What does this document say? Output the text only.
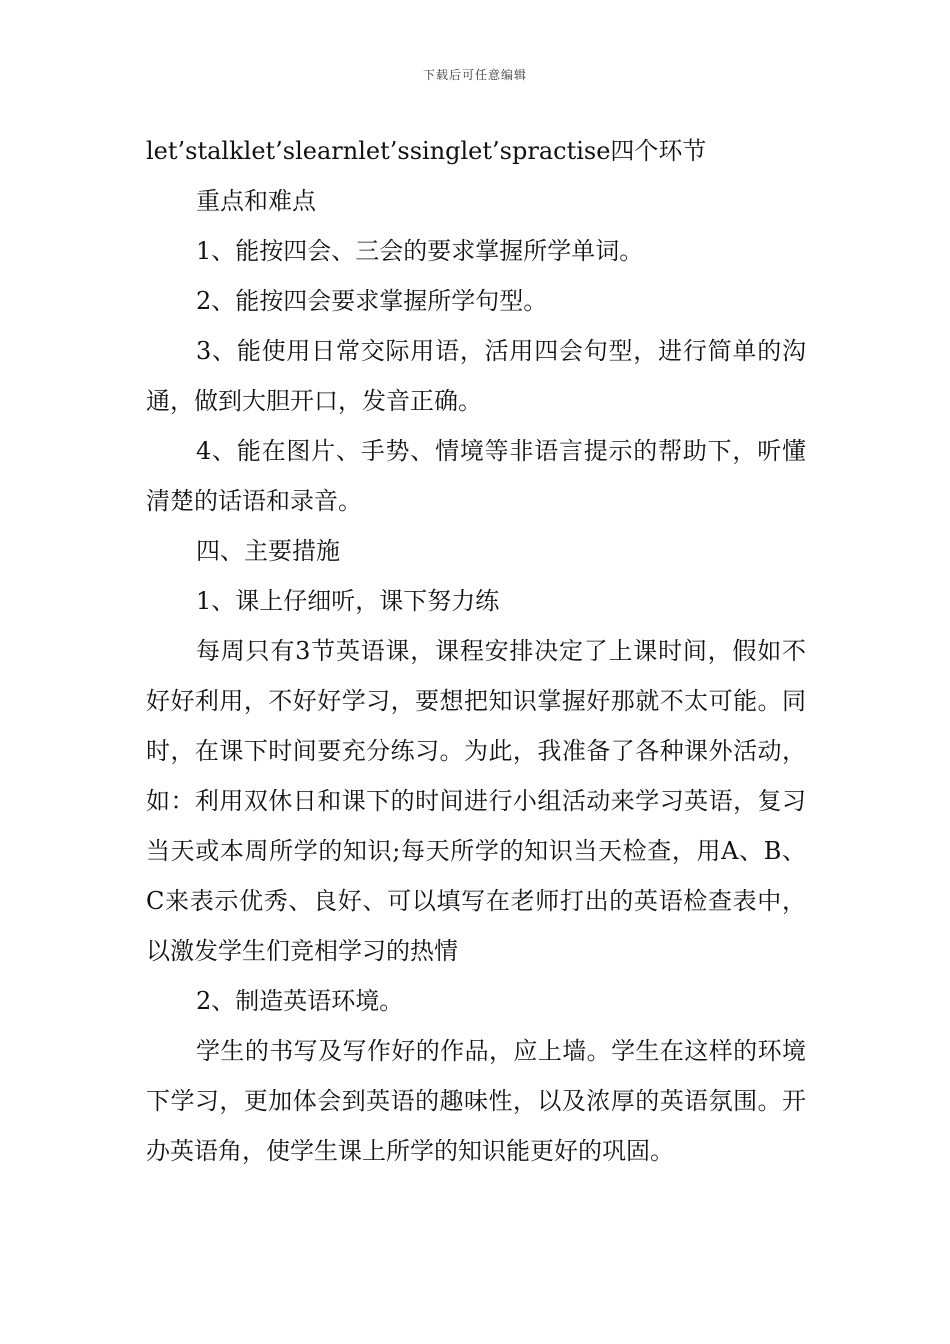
下载后可任意编辑

let’stalklet’slearnlet’ssinglet’spractise四个环节

重点和难点

1、能按四会、三会的要求掌握所学单词。

2、能按四会要求掌握所学句型。

3、能使用日常交际用语，活用四会句型，进行简单的沟通，做到大胆开口，发音正确。

4、能在图片、手势、情境等非语言提示的帮助下，听懂清楚的话语和录音。

四、主要措施

1、课上仔细听，课下努力练

每周只有3节英语课，课程安排决定了上课时间，假如不好好利用，不好好学习，要想把知识掌握好那就不太可能。同时，在课下时间要充分练习。为此，我准备了各种课外活动，如：利用双休日和课下的时间进行小组活动来学习英语，复习当天或本周所学的知识;每天所学的知识当天检查，用A、B、C来表示优秀、良好、可以填写在老师打出的英语检查表中，以激发学生们竞相学习的热情

2、制造英语环境。

学生的书写及写作好的作品，应上墙。学生在这样的环境下学习，更加体会到英语的趣味性，以及浓厚的英语氛围。开办英语角，使学生课上所学的知识能更好的巩固。
